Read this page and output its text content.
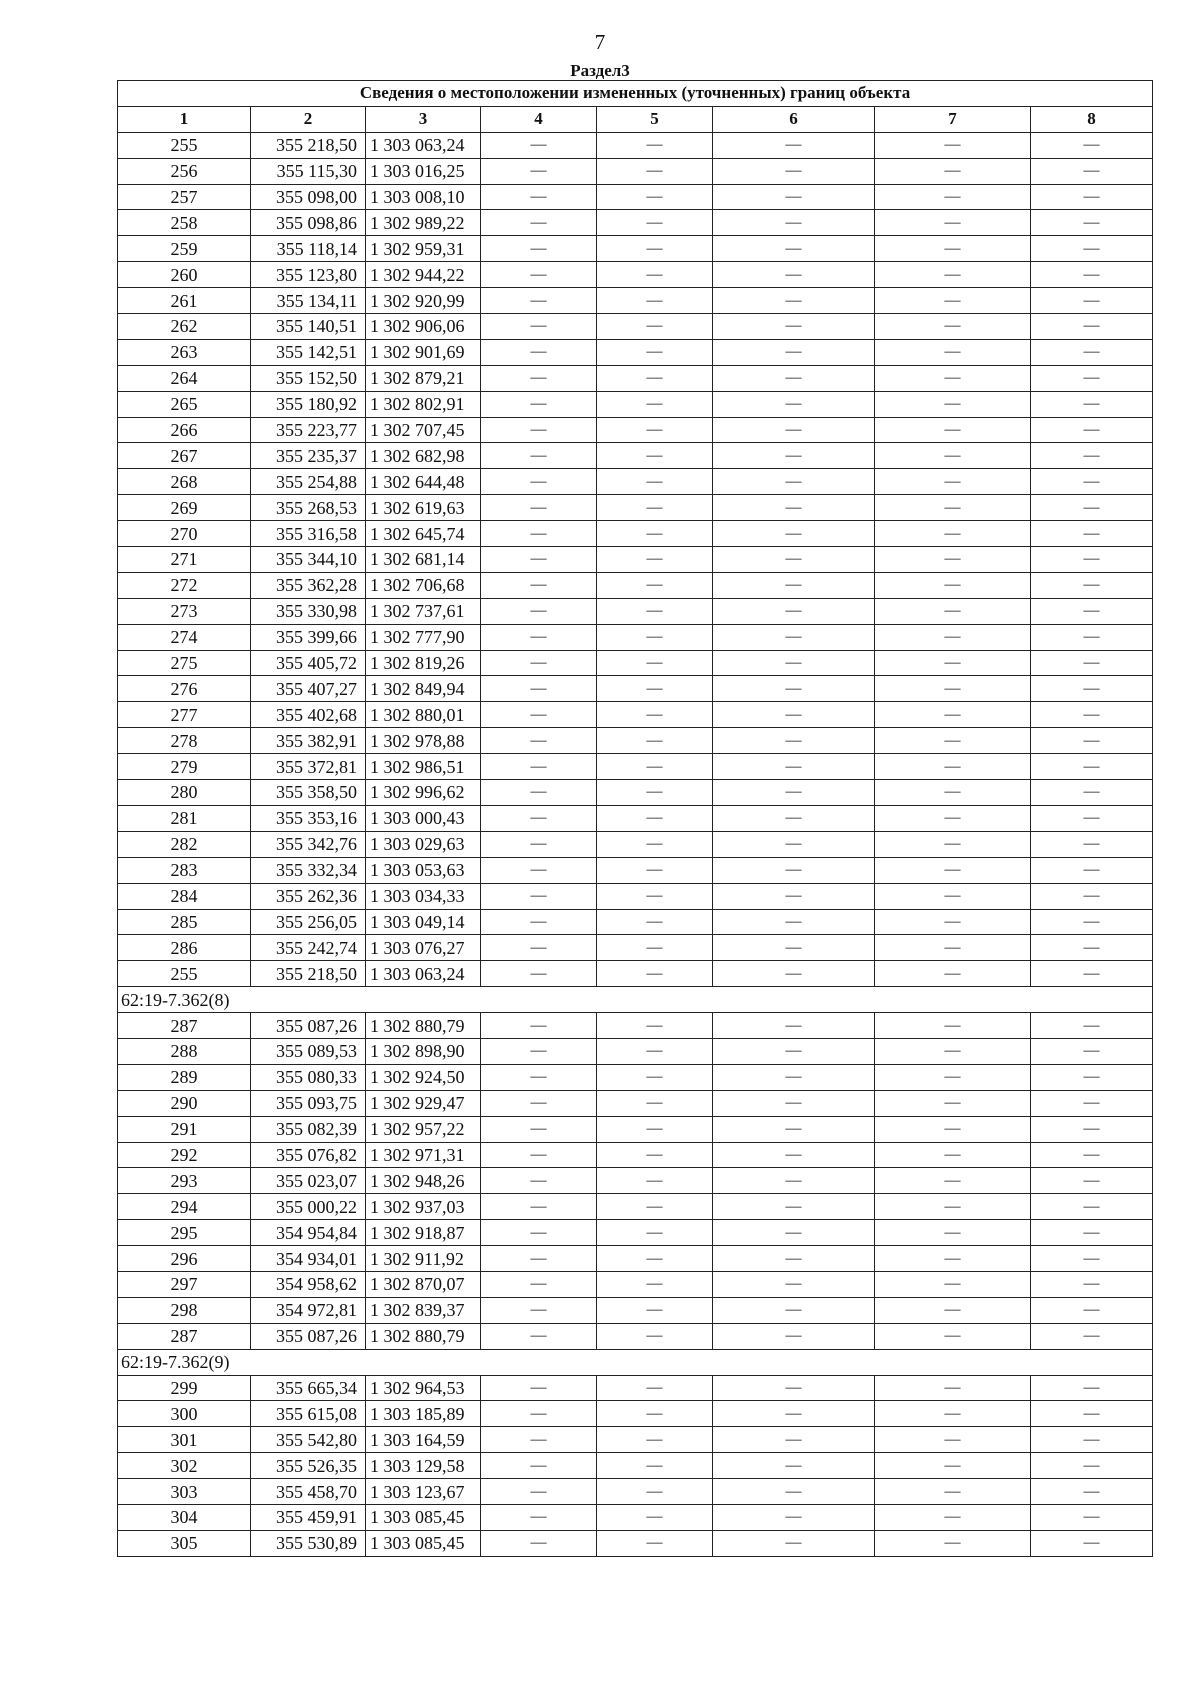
7
Раздел3
Сведения о местоположении измененных (уточненных) границ объекта							
1	2	3	4	5	6	7	8
255	355 218,50	1 303 063,24	—	—	—	—	—
256	355 115,30	1 303 016,25	—	—	—	—	—
257	355 098,00	1 303 008,10	—	—	—	—	—
258	355 098,86	1 302 989,22	—	—	—	—	—
259	355 118,14	1 302 959,31	—	—	—	—	—
260	355 123,80	1 302 944,22	—	—	—	—	—
261	355 134,11	1 302 920,99	—	—	—	—	—
262	355 140,51	1 302 906,06	—	—	—	—	—
263	355 142,51	1 302 901,69	—	—	—	—	—
264	355 152,50	1 302 879,21	—	—	—	—	—
265	355 180,92	1 302 802,91	—	—	—	—	—
266	355 223,77	1 302 707,45	—	—	—	—	—
267	355 235,37	1 302 682,98	—	—	—	—	—
268	355 254,88	1 302 644,48	—	—	—	—	—
269	355 268,53	1 302 619,63	—	—	—	—	—
270	355 316,58	1 302 645,74	—	—	—	—	—
271	355 344,10	1 302 681,14	—	—	—	—	—
272	355 362,28	1 302 706,68	—	—	—	—	—
273	355 330,98	1 302 737,61	—	—	—	—	—
274	355 399,66	1 302 777,90	—	—	—	—	—
275	355 405,72	1 302 819,26	—	—	—	—	—
276	355 407,27	1 302 849,94	—	—	—	—	—
277	355 402,68	1 302 880,01	—	—	—	—	—
278	355 382,91	1 302 978,88	—	—	—	—	—
279	355 372,81	1 302 986,51	—	—	—	—	—
280	355 358,50	1 302 996,62	—	—	—	—	—
281	355 353,16	1 303 000,43	—	—	—	—	—
282	355 342,76	1 303 029,63	—	—	—	—	—
283	355 332,34	1 303 053,63	—	—	—	—	—
284	355 262,36	1 303 034,33	—	—	—	—	—
285	355 256,05	1 303 049,14	—	—	—	—	—
286	355 242,74	1 303 076,27	—	—	—	—	—
255	355 218,50	1 303 063,24	—	—	—	—	—
62:19-7.362(8)							
287	355 087,26	1 302 880,79	—	—	—	—	—
288	355 089,53	1 302 898,90	—	—	—	—	—
289	355 080,33	1 302 924,50	—	—	—	—	—
290	355 093,75	1 302 929,47	—	—	—	—	—
291	355 082,39	1 302 957,22	—	—	—	—	—
292	355 076,82	1 302 971,31	—	—	—	—	—
293	355 023,07	1 302 948,26	—	—	—	—	—
294	355 000,22	1 302 937,03	—	—	—	—	—
295	354 954,84	1 302 918,87	—	—	—	—	—
296	354 934,01	1 302 911,92	—	—	—	—	—
297	354 958,62	1 302 870,07	—	—	—	—	—
298	354 972,81	1 302 839,37	—	—	—	—	—
287	355 087,26	1 302 880,79	—	—	—	—	—
62:19-7.362(9)							
299	355 665,34	1 302 964,53	—	—	—	—	—
300	355 615,08	1 303 185,89	—	—	—	—	—
301	355 542,80	1 303 164,59	—	—	—	—	—
302	355 526,35	1 303 129,58	—	—	—	—	—
303	355 458,70	1 303 123,67	—	—	—	—	—
304	355 459,91	1 303 085,45	—	—	—	—	—
305	355 530,89	1 303 085,45	—	—	—	—	—
